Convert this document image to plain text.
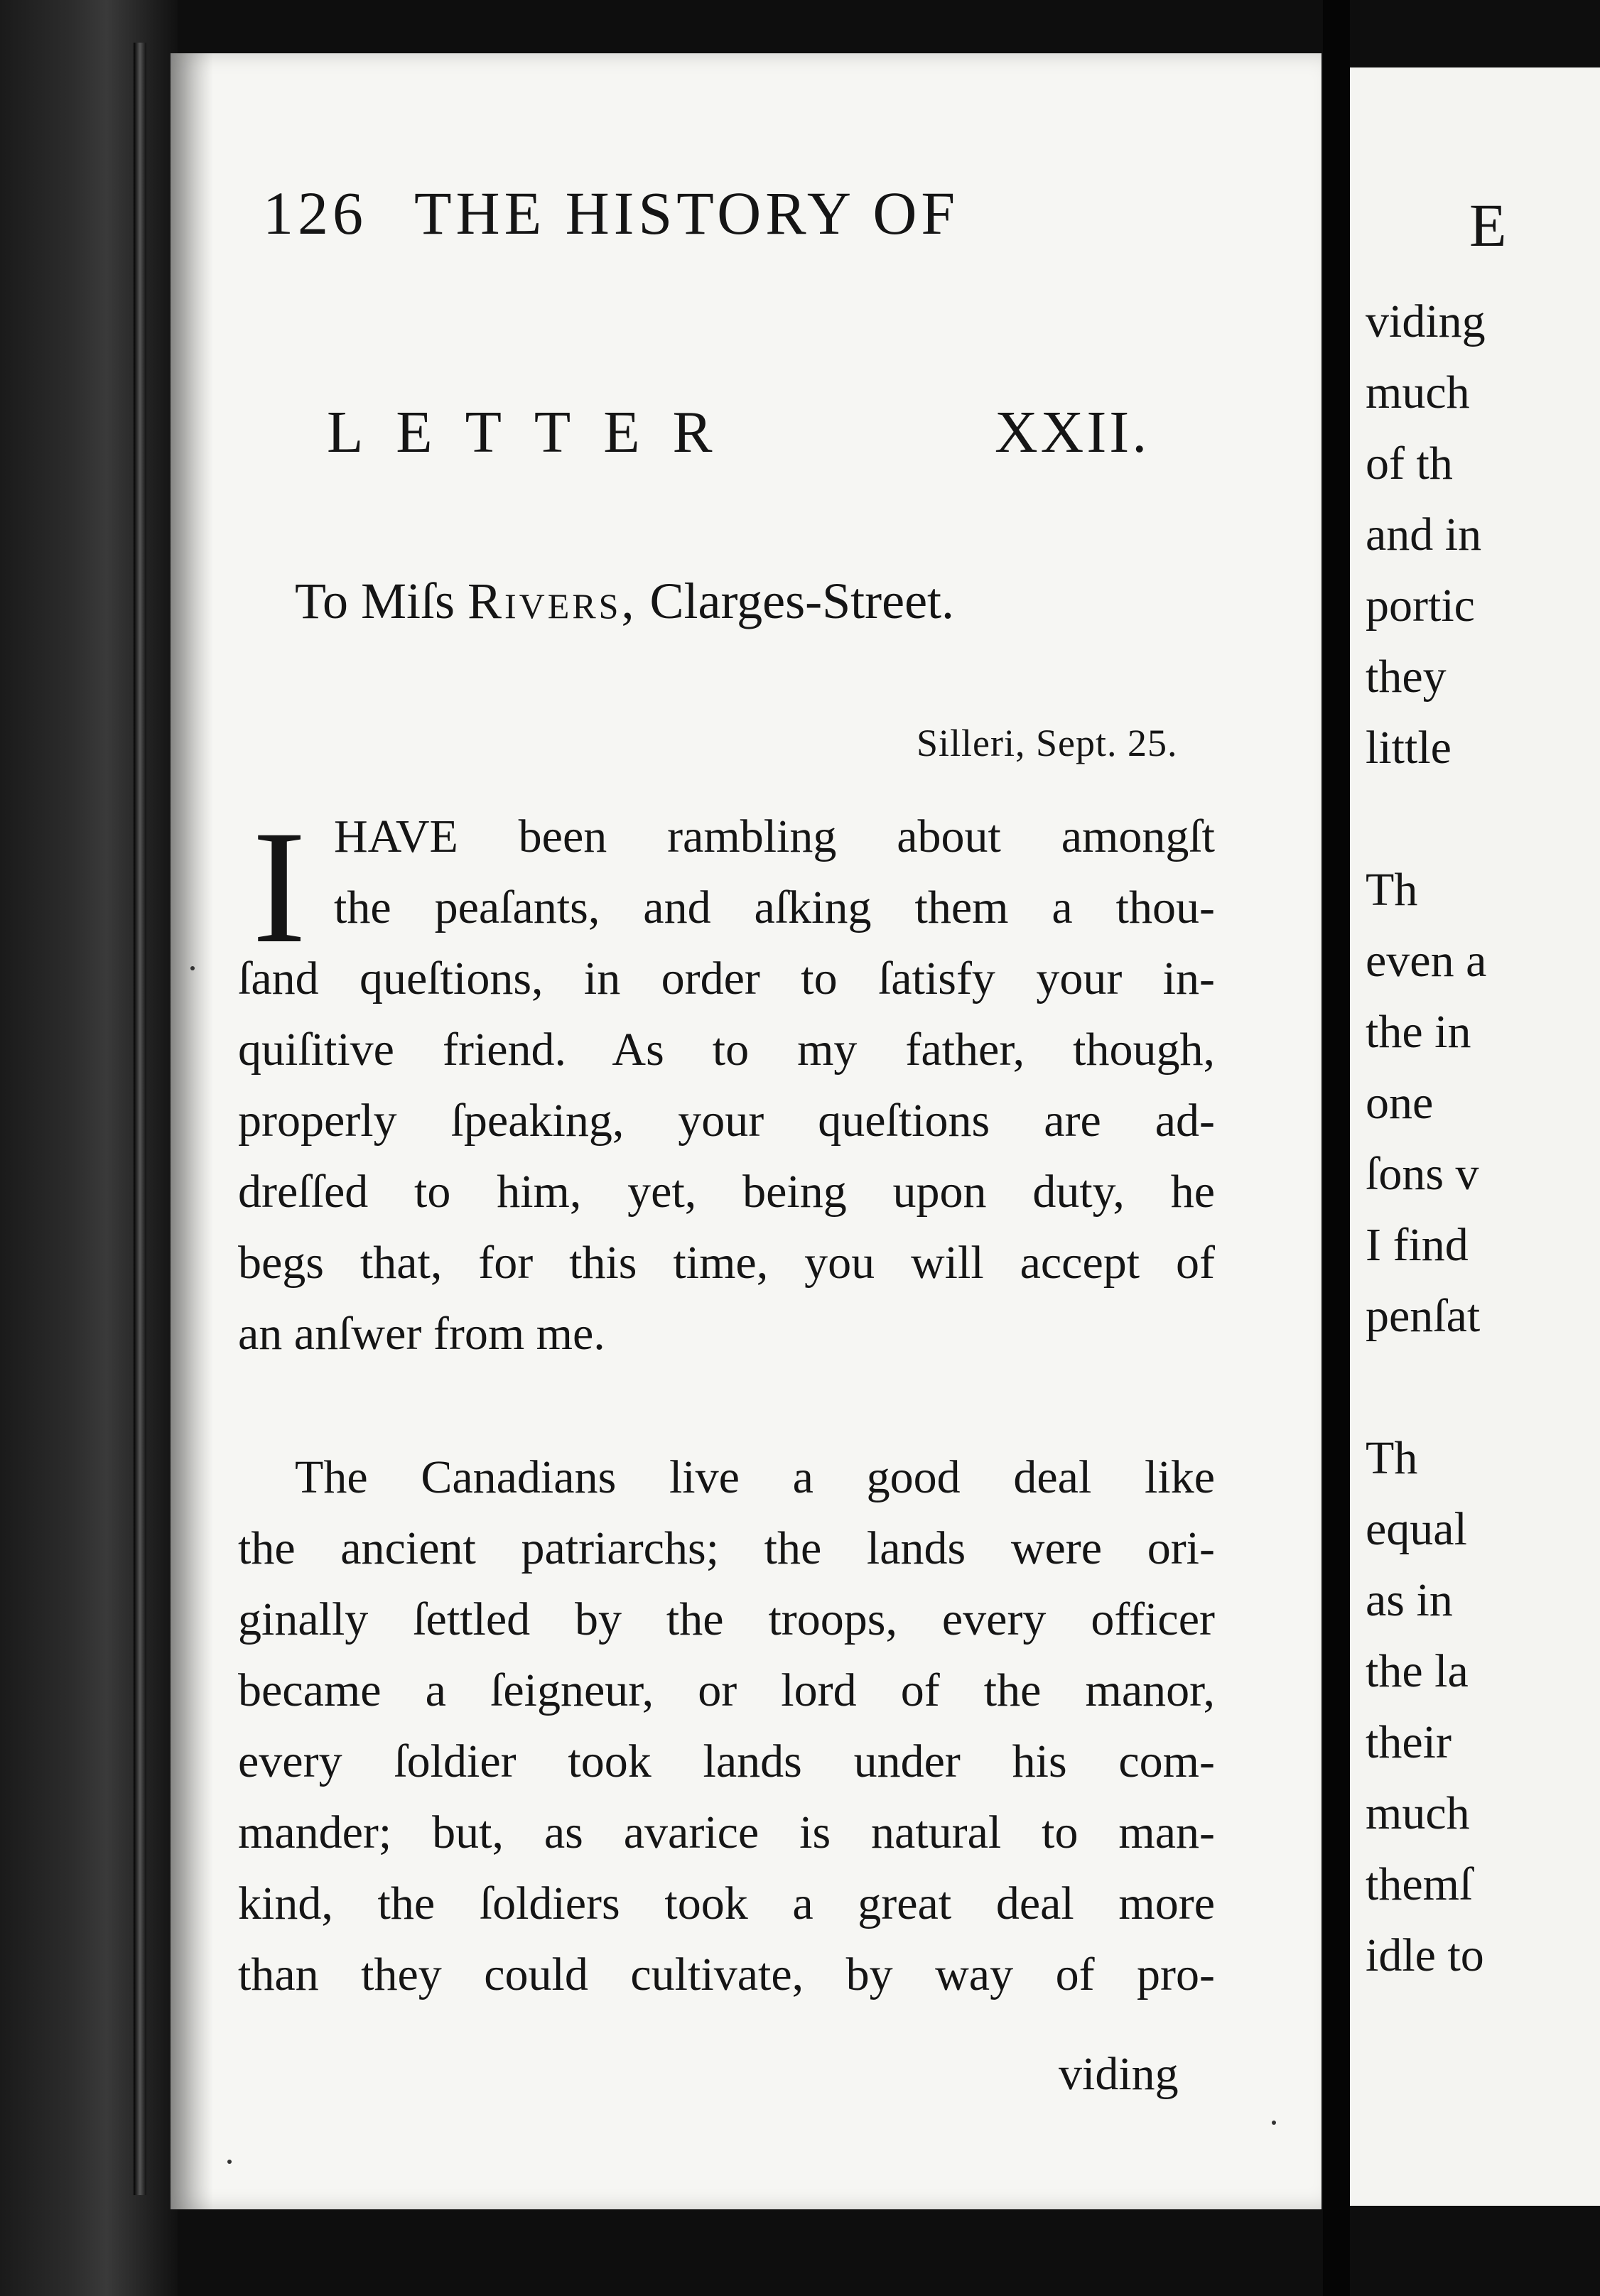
126 THE HISTORY OF
LETTER	XXII.
To Miſs Rivers, Clarges-Street.
Silleri, Sept. 25.
I HAVE been rambling about amongſt
the peaſants, and aſking them a thou-
ſand queſtions, in order to ſatisfy your in-
quiſitive friend. As to my father, though,
properly ſpeaking, your queſtions are ad-
dreſſed to him, yet, being upon duty, he
begs that, for this time, you will accept of
an anſwer from me.
The Canadians live a good deal like
the ancient patriarchs; the lands were ori-
ginally ſettled by the troops, every officer
became a ſeigneur, or lord of the manor,
every ſoldier took lands under his com-
mander; but, as avarice is natural to man-
kind, the ſoldiers took a great deal more
than they could cultivate, by way of pro-
viding
E
viding
much
of th
and in
portic
they
little
Th
even a
the in
one
ſons v
I find
penſat
Th
equal
as in
the la
their
much
themſ
idle to
